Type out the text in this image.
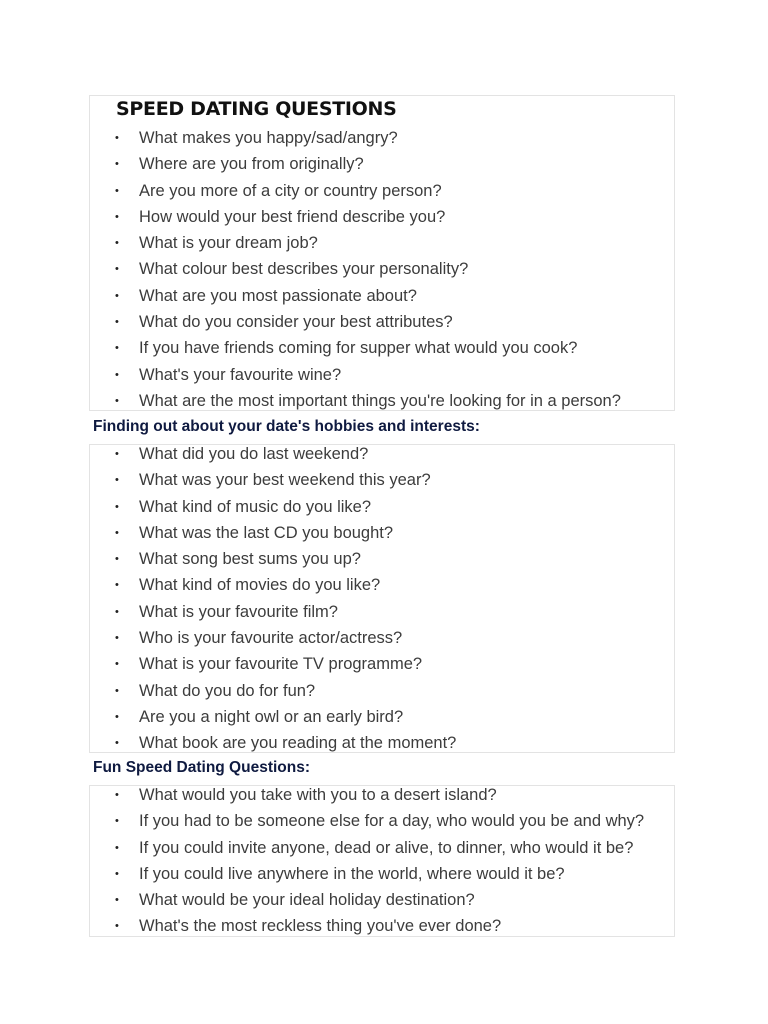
SPEED DATING QUESTIONS
• What makes you happy/sad/angry?
• Where are you from originally?
• Are you more of a city or country person?
• How would your best friend describe you?
• What is your dream job?
• What colour best describes your personality?
• What are you most passionate about?
• What do you consider your best attributes?
• If you have friends coming for supper what would you cook?
• What's your favourite wine?
• What are the most important things you're looking for in a person?
Finding out about your date's hobbies and interests:
• What did you do last weekend?
• What was your best weekend this year?
• What kind of music do you like?
• What was the last CD you bought?
• What song best sums you up?
• What kind of movies do you like?
• What is your favourite film?
• Who is your favourite actor/actress?
• What is your favourite TV programme?
• What do you do for fun?
• Are you a night owl or an early bird?
• What book are you reading at the moment?
Fun Speed Dating Questions:
• What would you take with you to a desert island?
• If you had to be someone else for a day, who would you be and why?
• If you could invite anyone, dead or alive, to dinner, who would it be?
• If you could live anywhere in the world, where would it be?
• What would be your ideal holiday destination?
• What's the most reckless thing you've ever done?
